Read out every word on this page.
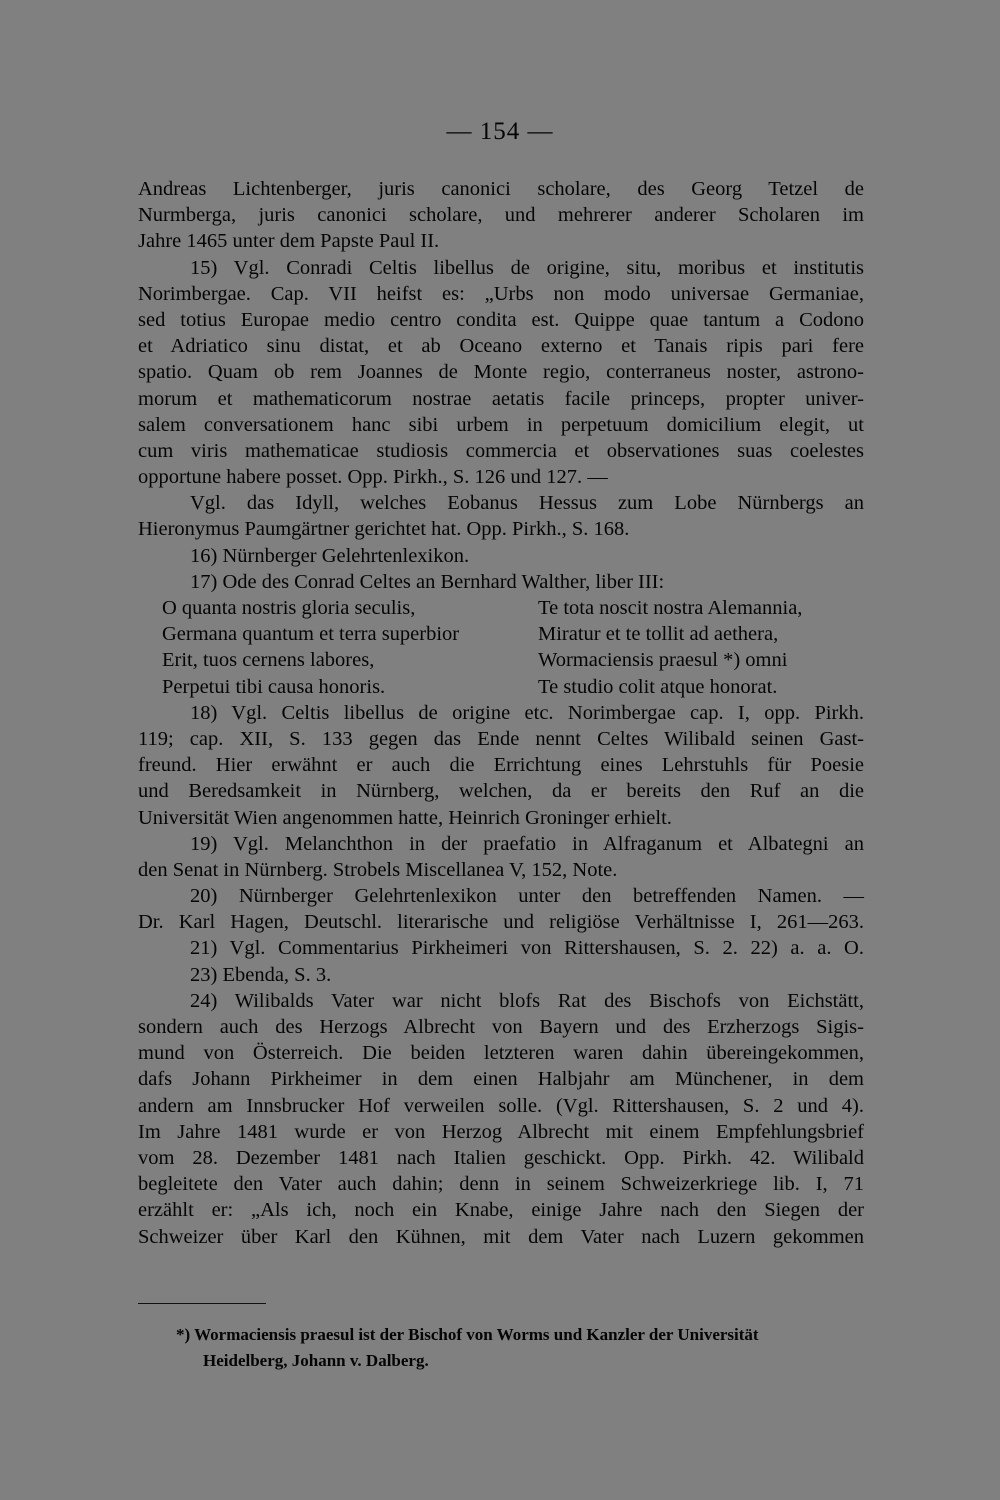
— 154 —
Andreas Lichtenberger, juris canonici scholare, des Georg Tetzel de
Nurmberga, juris canonici scholare, und mehrerer anderer Scholaren im
Jahre 1465 unter dem Papste Paul II.
15) Vgl. Conradi Celtis libellus de origine, situ, moribus et institutis
Norimbergae. Cap. VII heifst es: „Urbs non modo universae Germaniae,
sed totius Europae medio centro condita est. Quippe quae tantum a Codono
et Adriatico sinu distat, et ab Oceano externo et Tanais ripis pari fere
spatio. Quam ob rem Joannes de Monte regio, conterraneus noster, astrono-
morum et mathematicorum nostrae aetatis facile princeps, propter univer-
salem conversationem hanc sibi urbem in perpetuum domicilium elegit, ut
cum viris mathematicae studiosis commercia et observationes suas coelestes
opportune habere posset. Opp. Pirkh., S. 126 und 127. —
Vgl. das Idyll, welches Eobanus Hessus zum Lobe Nürnbergs an
Hieronymus Paumgärtner gerichtet hat. Opp. Pirkh., S. 168.
16) Nürnberger Gelehrtenlexikon.
17) Ode des Conrad Celtes an Bernhard Walther, liber III:
O quanta nostris gloria seculis,	Te tota noscit nostra Alemannia,
Germana quantum et terra superbior	Miratur et te tollit ad aethera,
Erit, tuos cernens labores,	Wormaciensis praesul *) omni
Perpetui tibi causa honoris.	Te studio colit atque honorat.
18) Vgl. Celtis libellus de origine etc. Norimbergae cap. I, opp. Pirkh.
119; cap. XII, S. 133 gegen das Ende nennt Celtes Wilibald seinen Gast-
freund. Hier erwähnt er auch die Errichtung eines Lehrstuhls für Poesie
und Beredsamkeit in Nürnberg, welchen, da er bereits den Ruf an die
Universität Wien angenommen hatte, Heinrich Groninger erhielt.
19) Vgl. Melanchthon in der praefatio in Alfraganum et Albategni an
den Senat in Nürnberg. Strobels Miscellanea V, 152, Note.
20) Nürnberger Gelehrtenlexikon unter den betreffenden Namen. —
Dr. Karl Hagen, Deutschl. literarische und religiöse Verhältnisse I, 261—263.
21) Vgl. Commentarius Pirkheimeri von Rittershausen, S. 2. 22) a. a. O.
23) Ebenda, S. 3.
24) Wilibalds Vater war nicht blofs Rat des Bischofs von Eichstätt,
sondern auch des Herzogs Albrecht von Bayern und des Erzherzogs Sigis-
mund von Österreich. Die beiden letzteren waren dahin übereingekommen,
dafs Johann Pirkheimer in dem einen Halbjahr am Münchener, in dem
andern am Innsbrucker Hof verweilen solle. (Vgl. Rittershausen, S. 2 und 4).
Im Jahre 1481 wurde er von Herzog Albrecht mit einem Empfehlungsbrief
vom 28. Dezember 1481 nach Italien geschickt. Opp. Pirkh. 42. Wilibald
begleitete den Vater auch dahin; denn in seinem Schweizerkriege lib. I, 71
erzählt er: „Als ich, noch ein Knabe, einige Jahre nach den Siegen der
Schweizer über Karl den Kühnen, mit dem Vater nach Luzern gekommen
*) Wormaciensis praesul ist der Bischof von Worms und Kanzler der Universität
Heidelberg, Johann v. Dalberg.
